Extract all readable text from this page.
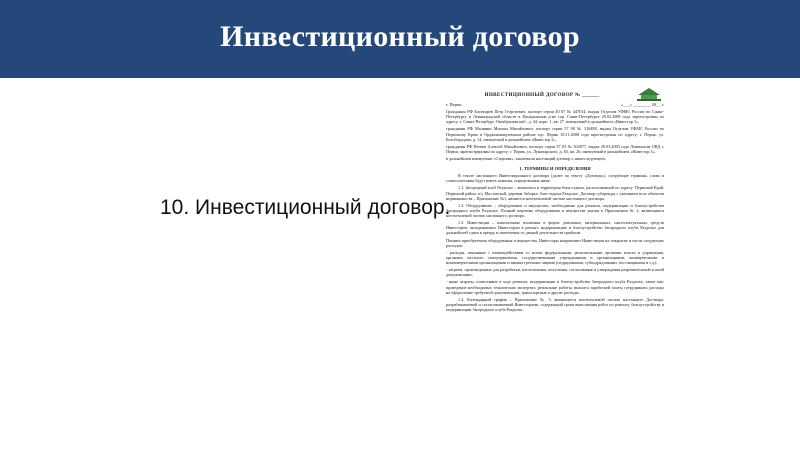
Инвестиционный договор
10. Инвестиционный договор.
ИНВЕСТИЦИОННЫЙ ДОГОВОР № ______
г. Пермь	«___» ________ 20__ г.

Гражданин РФ Богатырёв Петр Георгиевич, паспорт серии 40 07 № 447014, выдан Отделом УФМС России по Санкт-Петербургу и Ленинградской области в Центральном р-не гор. Санкт-Петербурга 29.02.2008 года зарегистрован по адресу: г. Санкт-Петербург, Октябрьская наб., д. 44, корп. 1, кв. 2*, именуемый в дальнейшем «Инвестор 1»,

гражданин РФ Малинин Михаил Михайлович, паспорт серии 57 08 № 316488, выдан Отделом УФМС России по Пермскому Краю в Орджоникидзевском районе гор. Пермь 18.11.2008 года зарегистрован по адресу: г. Пермь, ул. Белобородова, д. 14, именуемый в дальнейшем «Инвестор 2»,

гражданин РФ Нечаев Алексей Михайлович, паспорт серии 57 03 № 302877, выдан 28.03.2003 года Ленинским ОВД г. Перми, зарегистрирован по адресу: г. Пермь, ул. Луначарского, д. 65, кв. 26, именуемый в дальнейшем «Инвестор 3»,

в дальнейшем именуемые «Стороны», заключили настоящий договор о нижеследующем:

1. ТЕРМИНЫ И ОПРЕДЕЛЕНИЯ

В тексте настоящего Инвестиционного договора (далее по тексту «Договор»), следующие термины, слова и словосочетания будут иметь понятия, определенные ниже:

1.1. Загородный клуб Раздолье – комплекса и территория базы отдыха, расположенной по адресу: Пермский Край, Пермский район, п/у Мостовской, деревня Заборье, база отдыха Раздолье. Договор субаренды с указанием всех объектов недвижимости – Приложение №1, являются неотъемлемой частью настоящего договора.

1.2. Оборудование – оборудование и имущество, необходимые для ремонта, модернизации и благоустройства Загородного клуба Раздолье. Полный перечень оборудования и имущества указан в Приложении № 2, являющемся неотъемлемой частью настоящего договора.

1.3. Инвестиции – капитальные вложения в форме денежных, материальных, интеллектуальных средств Инвесторов, вкладываемых Инвестором в ремонт, модернизацию и благоустройство Загородного клуба Раздолье для дальнейшей сдачи в аренду и извлечения от данной деятельности прибыли.

Помимо приобретения оборудования и имущества, Инвесторы направляют Инвестиции на покрытие и части следующих расходов:

- расходы, связанные с взаимодействием со всеми федеральными, региональными органами власти и управления, органами местного самоуправления, государственными учреждениями и организациями, коммерческими и некоммерческими организациями и иными третьими лицами (подрядчиками, субподрядчиками, поставщиками и т.д.);

- затраты, произведенные для разработки, изготовления, получения, согласования и утверждения разрешительной и иной документации;

- иные затраты, понесенные в ходе ремонта, модернизации и благоустройства Загородного клуба Раздолье, такие как: проведение необходимых технических экспертиз; ремонтные работы; выплата заработной платы сотрудникам; расходы на оформление требуемой документации; транспортные и другие расходы.

1.4. Календарный график – Приложение № 3, являющееся неотъемлемой частью настоящего Договора, разрабатываемый и согласовываемый Инвесторами, содержащий сроки выполнения работ по ремонту, благоустройству и модернизации Загородного клуба Раздолье.
